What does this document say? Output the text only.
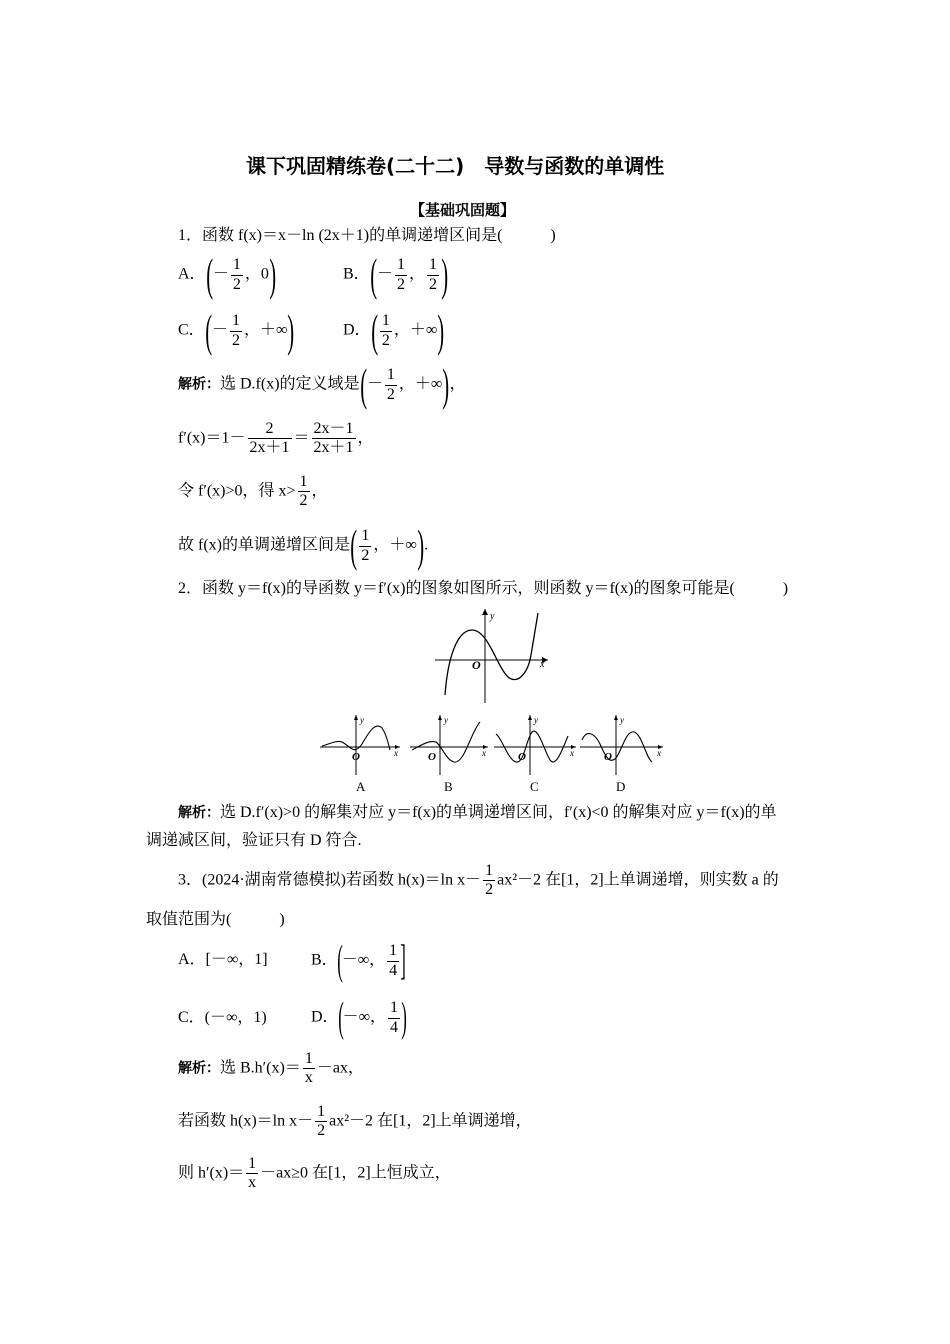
课下巩固精练卷(二十二)　导数与函数的单调性
【基础巩固题】
1．函数 f(x)＝x－ln (2x＋1)的单调递增区间是(　　　)
A．(－ $\frac{1}{2}$ ，0)	B．(－ $\frac{1}{2}$ ， $\frac{1}{2}$ )
C．(－ $\frac{1}{2}$ ，＋∞)	D．( $\frac{1}{2}$ ，＋∞)
解析：选 D.f(x)的定义域是(－ $\frac{1}{2}$ ，＋∞)，
$f'(x)=1- \frac{2}{2x+1} = \frac{2x-1}{2x+1}$ ，
令 f′(x)>0，得 $x> \frac{1}{2}$ ，
故 f(x)的单调递增区间是( $\frac{1}{2}$ ，＋∞).
2．函数 y＝f(x)的导函数 y＝f′(x)的图象如图所示，则函数 y＝f(x)的图象可能是(　　　)
y
x
O
y
x
O
A
y
x
O
B
y
x
O
C
y
x
O
D
解析：选 D.f′(x)>0 的解集对应 y＝f(x)的单调递增区间，f′(x)<0 的解集对应 y＝f(x)的单
调递减区间，验证只有 D 符合.
3．(2024·湖南常德模拟)若函数 h(x)＝ln $x- \frac{1}{2} ax^2-2$ 在[1，2]上单调递增，则实数 a 的
取值范围为(　　　)
A．[－∞，1]	B．(－∞， $\frac{1}{4}$ ]
C．(－∞，1)	D．(－∞， $\frac{1}{4}$ )
解析：选 $B.h'(x)= \frac{1}{x} -ax$，
若函数 h(x)＝ln $x- \frac{1}{2} ax^2-2$ 在[1，2]上单调递增，
则 $h'(x)= \frac{1}{x} -ax\ge 0$ 在[1，2]上恒成立，
